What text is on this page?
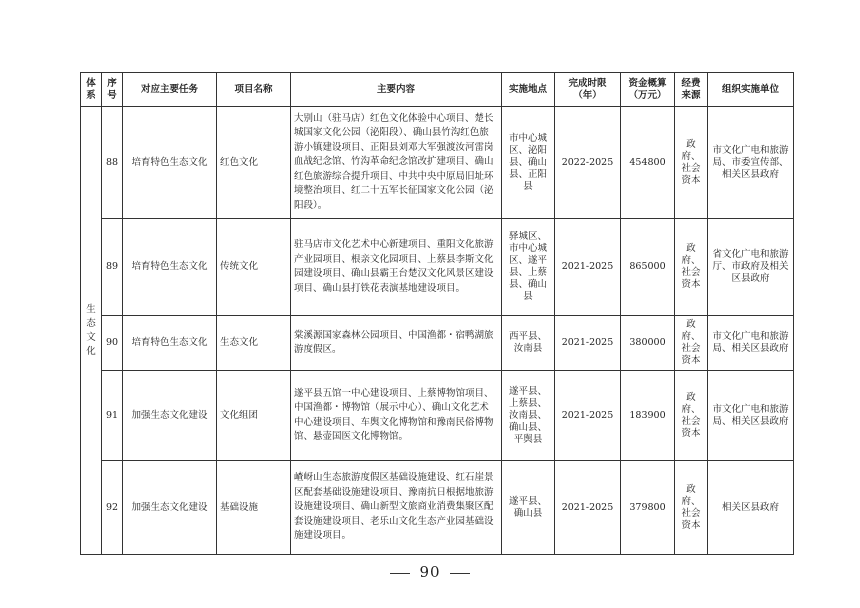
体系	序号	对应主要任务	项目名称	主要内容	实施地点	完成时限（年）	资金概算（万元）	经费来源	组织实施单位
生态文化	88	培育特色生态文化	红色文化	大别山（驻马店）红色文化体验中心项目、楚长城国家文化公园（泌阳段）、确山县竹沟红色旅游小镇建设项目、正阳县刘邓大军强渡汝河雷岗血战纪念馆、竹沟革命纪念馆改扩建项目、确山红色旅游综合提升项目、中共中央中原局旧址环境整治项目、红二十五军长征国家文化公园（泌阳段）。	市中心城区、泌阳县、确山县、正阳县	2022-2025	454800	政府、社会资本	市文化广电和旅游局、市委宣传部、相关区县政府
	89	培育特色生态文化	传统文化	驻马店市文化艺术中心新建项目、重阳文化旅游产业园项目、根亲文化园项目、上蔡县李斯文化园建设项目、确山县霸王台楚汉文化风景区建设项目、确山县打铁花表演基地建设项目。	驿城区、市中心城区、遂平县、上蔡县、确山县	2021-2025	865000	政府、社会资本	省文化广电和旅游厅、市政府及相关区县政府
	90	培育特色生态文化	生态文化	棠溪源国家森林公园项目、中国渔都・宿鸭湖旅游度假区。	西平县、汝南县	2021-2025	380000	政府、社会资本	市文化广电和旅游局、相关区县政府
	91	加强生态文化建设	文化组团	遂平县五馆一中心建设项目、上蔡博物馆项目、中国渔都・博物馆（展示中心）、确山文化艺术中心建设项目、车舆文化博物馆和豫南民俗博物馆、悬壶国医文化博物馆。	遂平县、上蔡县、汝南县、确山县、平舆县	2021-2025	183900	政府、社会资本	市文化广电和旅游局、相关区县政府
	92	加强生态文化建设	基础设施	嵖岈山生态旅游度假区基础设施建设、红石崖景区配套基础设施建设项目、豫南抗日根据地旅游设施建设项目、确山新型文旅商业消费集聚区配套设施建设项目、老乐山文化生态产业园基础设施建设项目。	遂平县、确山县	2021-2025	379800	政府、社会资本	相关区县政府
90
